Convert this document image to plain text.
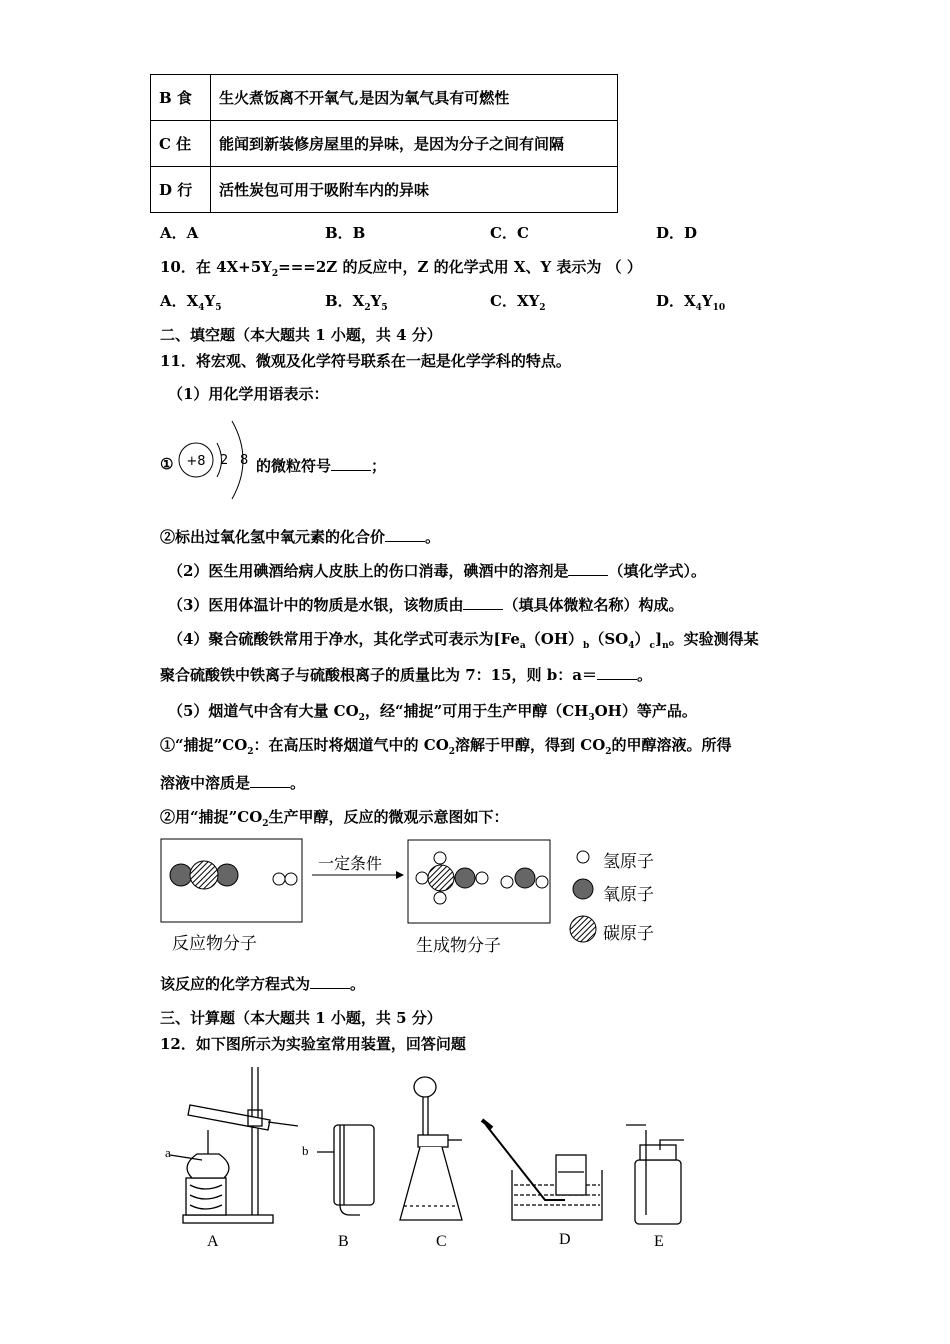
B 食	生火煮饭离不开氧气,是因为氧气具有可燃性
C 住	能闻到新装修房屋里的异味，是因为分子之间有间隔
D 行	活性炭包可用于吸附车内的异味
A．A	B．B	C．C	D．D
10．在 $4X+5Y_2===2Z$ 的反应中，Z 的化学式用 X、Y 表示为 （ ）
A．$X_4Y_5$	B．$X_2Y_5$	C．$XY_2$	D．$X_4Y_{10}$
二、填空题（本大题共 1 小题，共 4 分）
11．将宏观、微观及化学符号联系在一起是化学学科的特点。
（1）用化学用语表示：
① +8 2 8 的微粒符号	；
②标出过氧化氢中氧元素的化合价	。
（2）医生用碘酒给病人皮肤上的伤口消毒，碘酒中的溶剂是	（填化学式）。
（3）医用体温计中的物质是水银，该物质由	（填具体微粒名称）构成。
（4）聚合硫酸铁常用于净水，其化学式可表示为$[Fe_a(OH)_b(SO_4)_c]_n$。实验测得某
聚合硫酸铁中铁离子与硫酸根离子的质量比为 7：15，则 b：a＝	。
（5）烟道气中含有大量 $CO_2$，经“捕捉”可用于生产甲醇$(CH_3OH)$等产品。
①“捕捉$”CO_2$：在高压时将烟道气中的 $CO_2$溶解于甲醇，得到 $CO_2$的甲醇溶液。所得
溶液中溶质是	。
②用“捕捉$”CO_2$生产甲醇，反应的微观示意图如下：
一定条件
反应物分子	生成物分子
氢原子
氧原子
碳原子
该反应的化学方程式为	。
三、计算题（本大题共 1 小题，共 5 分）
12．如下图所示为实验室常用装置，回答问题
a	b
A	B	C	D	E
